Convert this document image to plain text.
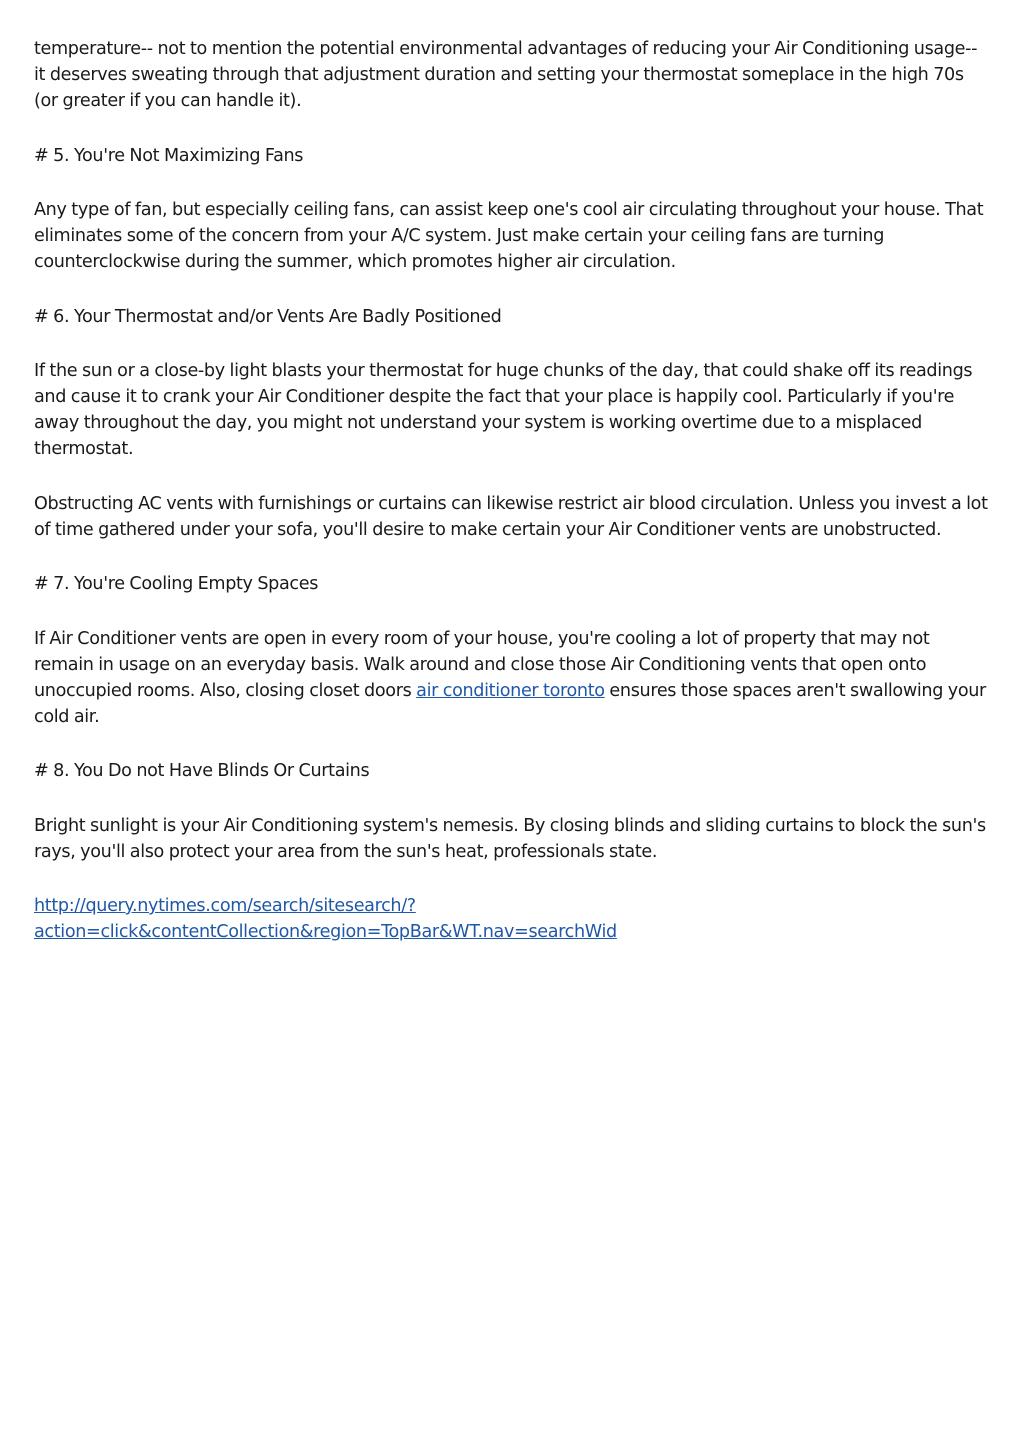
temperature-- not to mention the potential environmental advantages of reducing your Air Conditioning usage-- it deserves sweating through that adjustment duration and setting your thermostat someplace in the high 70s (or greater if you can handle it).

# 5. You're Not Maximizing Fans

Any type of fan, but especially ceiling fans, can assist keep one's cool air circulating throughout your house. That eliminates some of the concern from your A/C system. Just make certain your ceiling fans are turning counterclockwise during the summer, which promotes higher air circulation.

# 6. Your Thermostat and/or Vents Are Badly Positioned

If the sun or a close-by light blasts your thermostat for huge chunks of the day, that could shake off its readings and cause it to crank your Air Conditioner despite the fact that your place is happily cool. Particularly if you're away throughout the day, you might not understand your system is working overtime due to a misplaced thermostat.

Obstructing AC vents with furnishings or curtains can likewise restrict air blood circulation. Unless you invest a lot of time gathered under your sofa, you'll desire to make certain your Air Conditioner vents are unobstructed.

# 7. You're Cooling Empty Spaces

If Air Conditioner vents are open in every room of your house, you're cooling a lot of property that may not remain in usage on an everyday basis. Walk around and close those Air Conditioning vents that open onto unoccupied rooms. Also, closing closet doors air conditioner toronto ensures those spaces aren't swallowing your cold air.

# 8. You Do not Have Blinds Or Curtains

Bright sunlight is your Air Conditioning system's nemesis. By closing blinds and sliding curtains to block the sun's rays, you'll also protect your area from the sun's heat, professionals state.

http://query.nytimes.com/search/sitesearch/?action=click&contentCollection&region=TopBar&WT.nav=searchWid
